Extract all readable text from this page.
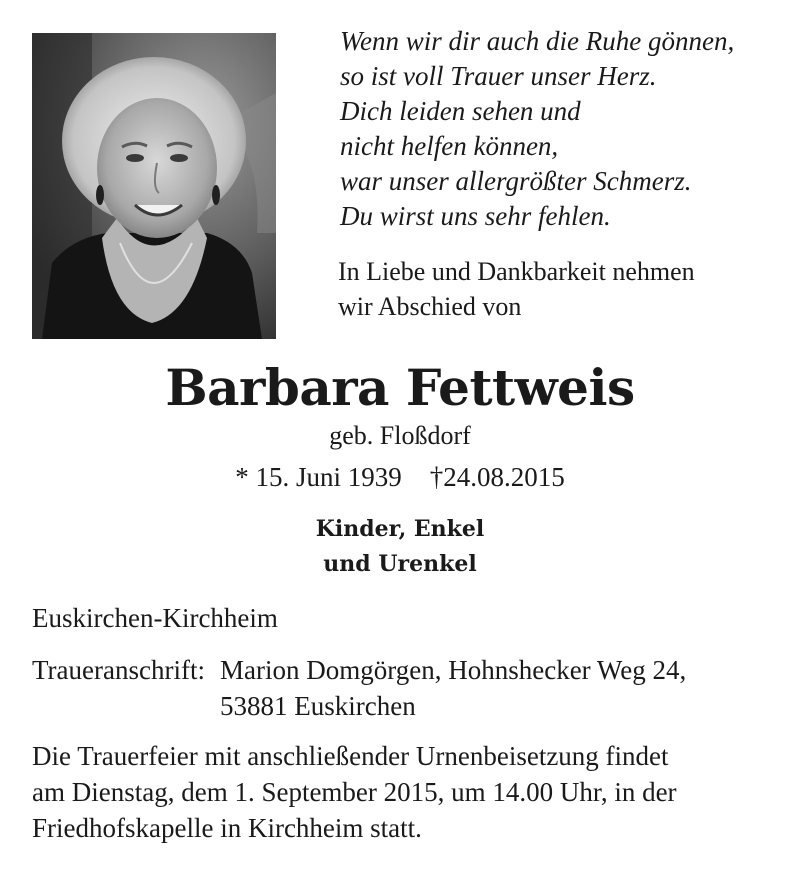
Wenn wir dir auch die Ruhe gönnen,
so ist voll Trauer unser Herz.
Dich leiden sehen und
nicht helfen können,
war unser allergrößter Schmerz.
Du wirst uns sehr fehlen.
In Liebe und Dankbarkeit nehmen
wir Abschied von
Barbara Fettweis
geb. Floßdorf
* 15. Juni 1939 †24.08.2015
Kinder, Enkel
und Urenkel
Euskirchen-Kirchheim
Traueranschrift: Marion Domgörgen, Hohnshecker Weg 24,
53881 Euskirchen
Die Trauerfeier mit anschließender Urnenbeisetzung findet
am Dienstag, dem 1. September 2015, um 14.00 Uhr, in der
Friedhofskapelle in Kirchheim statt.
